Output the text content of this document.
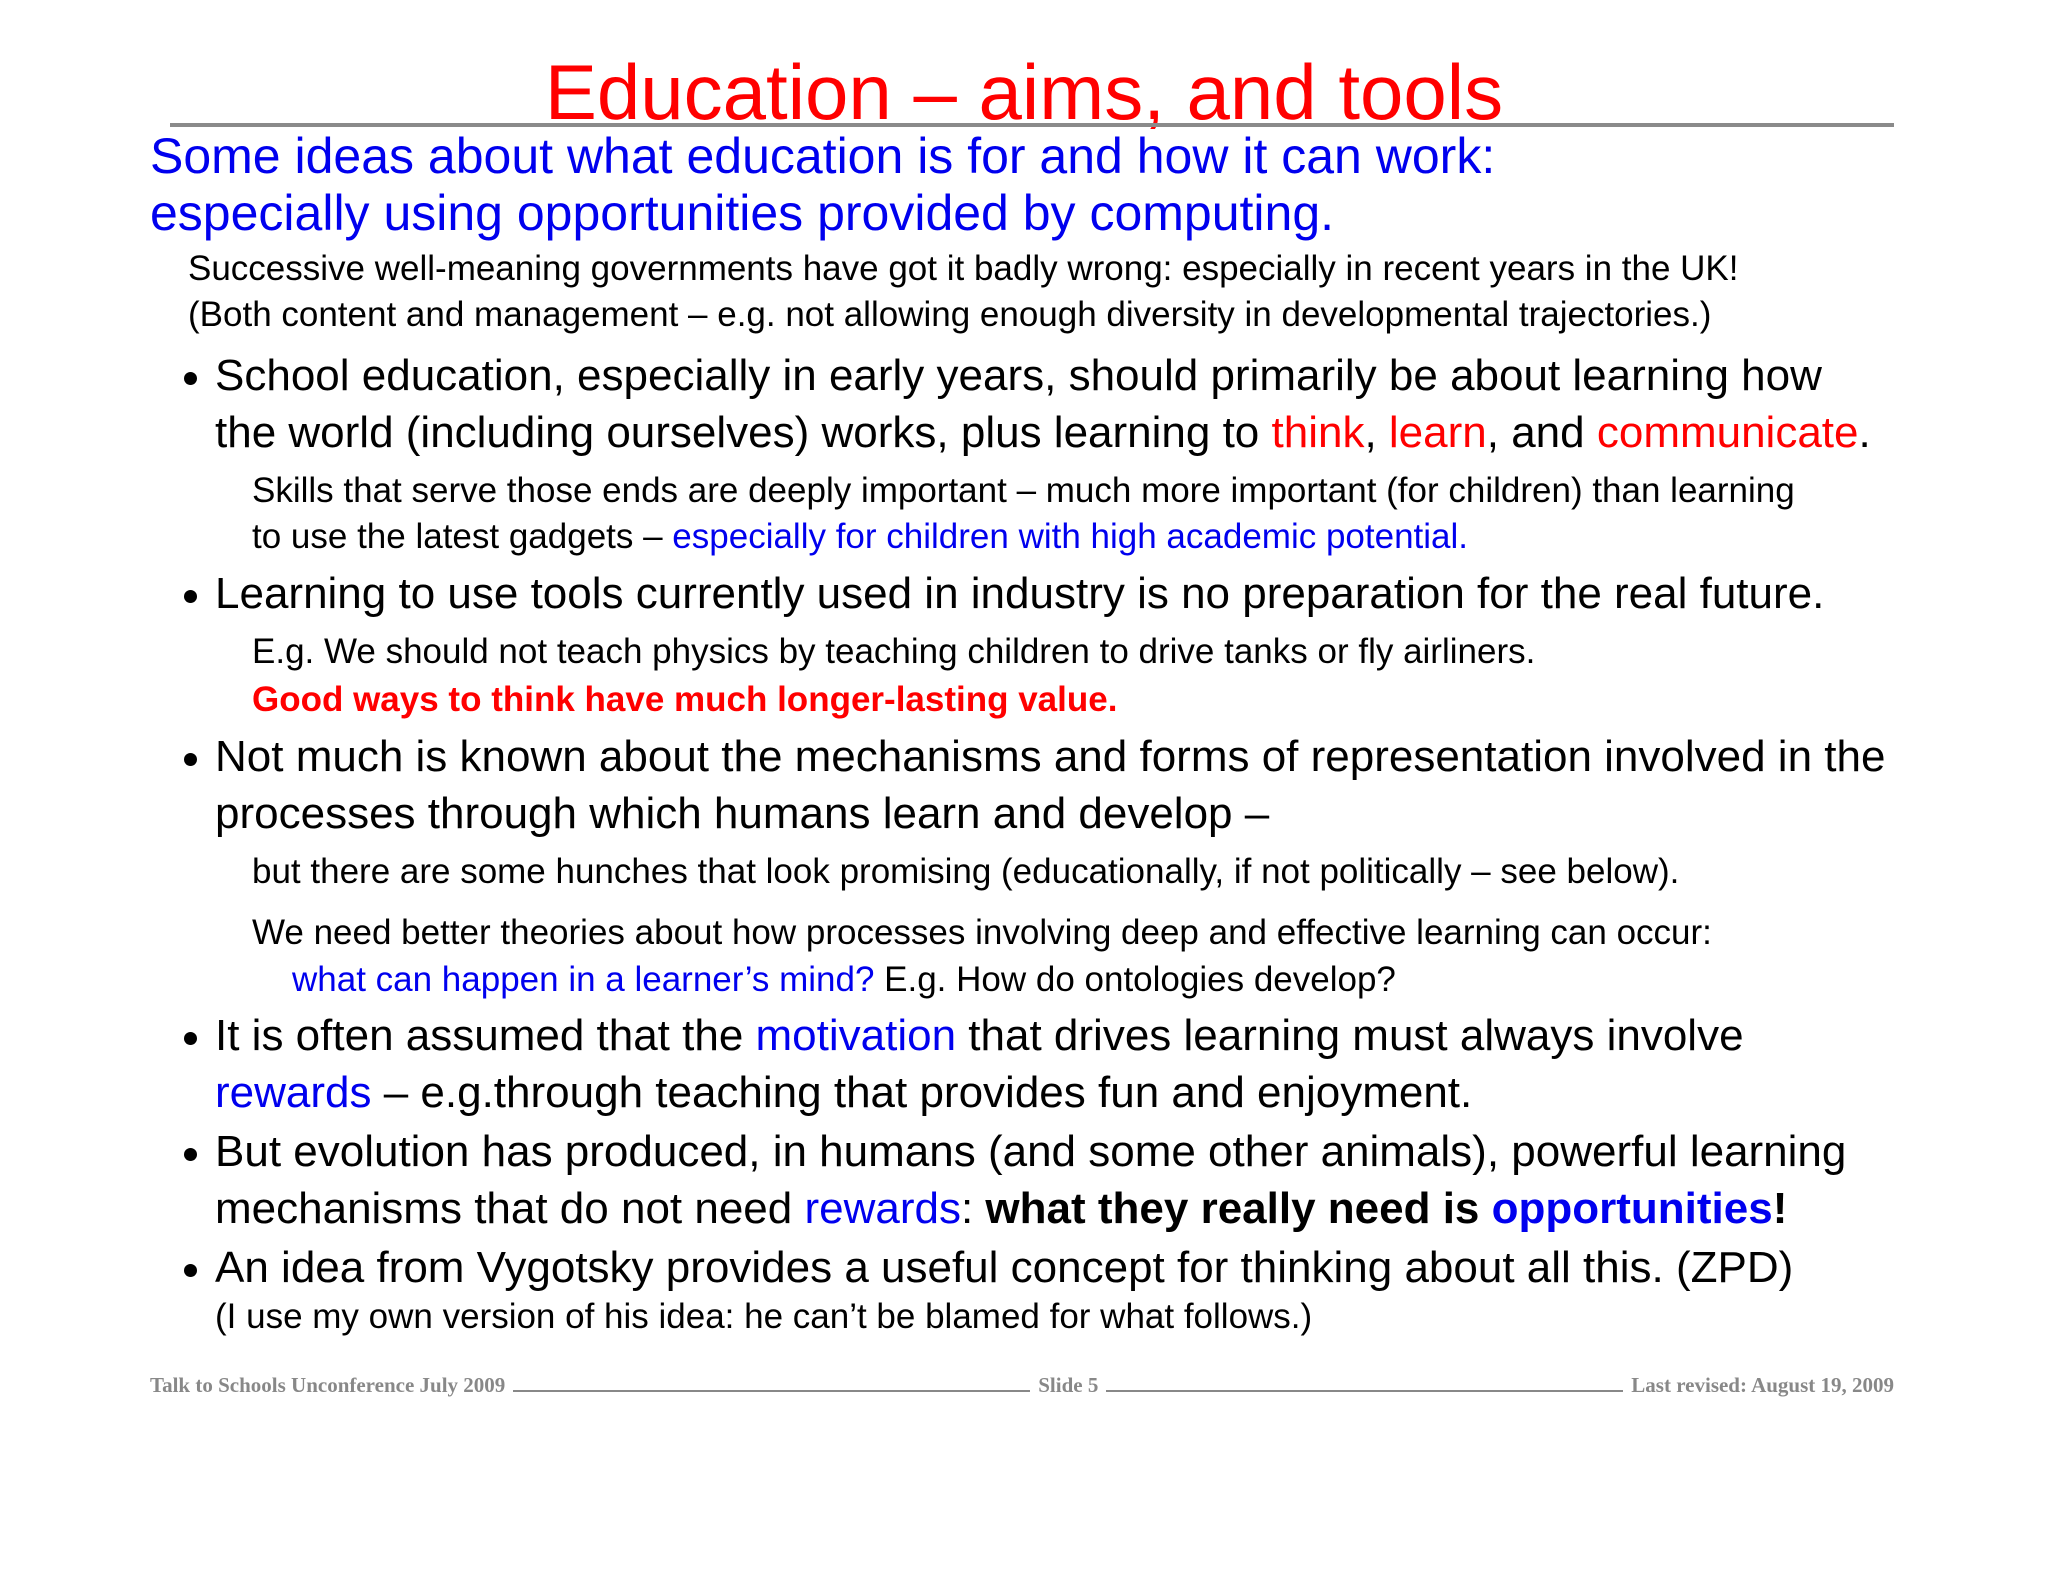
Education – aims, and tools
Some ideas about what education is for and how it can work:
especially using opportunities provided by computing.
Successive well-meaning governments have got it badly wrong: especially in recent years in the UK!
(Both content and management – e.g. not allowing enough diversity in developmental trajectories.)
School education, especially in early years, should primarily be about learning how
the world (including ourselves) works, plus learning to think, learn, and communicate.
Skills that serve those ends are deeply important – much more important (for children) than learning
to use the latest gadgets – especially for children with high academic potential.
Learning to use tools currently used in industry is no preparation for the real future.
E.g. We should not teach physics by teaching children to drive tanks or fly airliners.
Good ways to think have much longer-lasting value.
Not much is known about the mechanisms and forms of representation involved in the
processes through which humans learn and develop –
but there are some hunches that look promising (educationally, if not politically – see below).
We need better theories about how processes involving deep and effective learning can occur:
what can happen in a learner’s mind? E.g. How do ontologies develop?
It is often assumed that the motivation that drives learning must always involve
rewards – e.g.through teaching that provides fun and enjoyment.
But evolution has produced, in humans (and some other animals), powerful learning
mechanisms that do not need rewards: what they really need is opportunities!
An idea from Vygotsky provides a useful concept for thinking about all this. (ZPD)
(I use my own version of his idea: he can’t be blamed for what follows.)
Talk to Schools Unconference July 2009	Slide 5	Last revised: August 19, 2009
